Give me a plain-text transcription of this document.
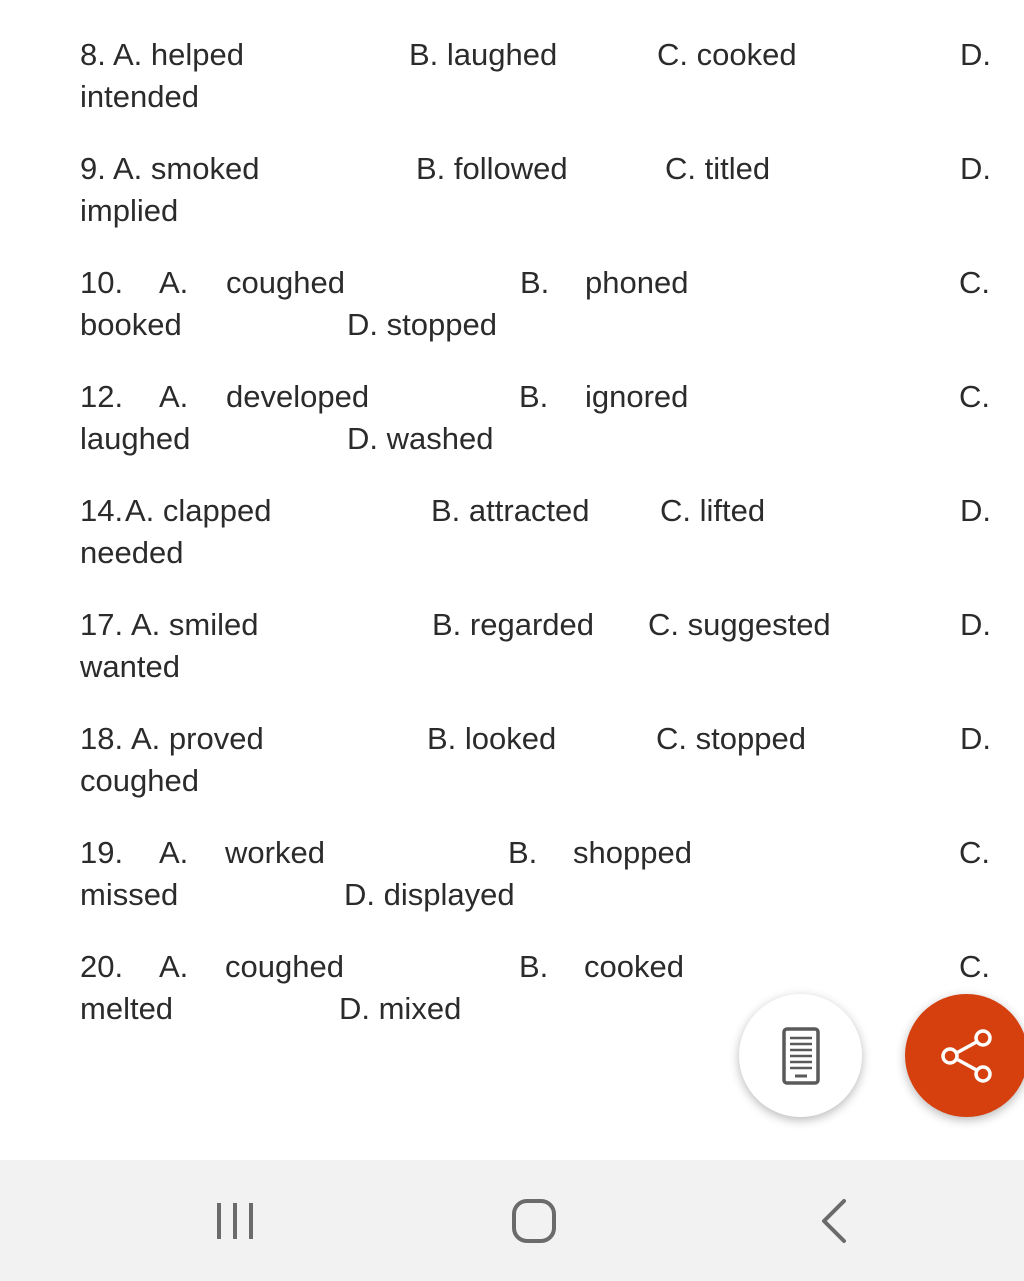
8. A. helped	B. laughed	C. cooked	D.
intended
9. A. smoked	B. followed	C. titled	D.
implied
10. A. coughed	B. phoned	C.
booked	D. stopped
12. A. developed	B. ignored	C.
laughed	D. washed
14. A. clapped	B. attracted C. lifted	D.
needed
17. A. smiled	B. regarded C. suggested	D.
wanted
18. A. proved	B. looked	C. stopped	D.
coughed
19. A. worked	B. shopped	C.
missed	D. displayed
20. A. coughed	B. cooked	C.
melted	D. mixed
